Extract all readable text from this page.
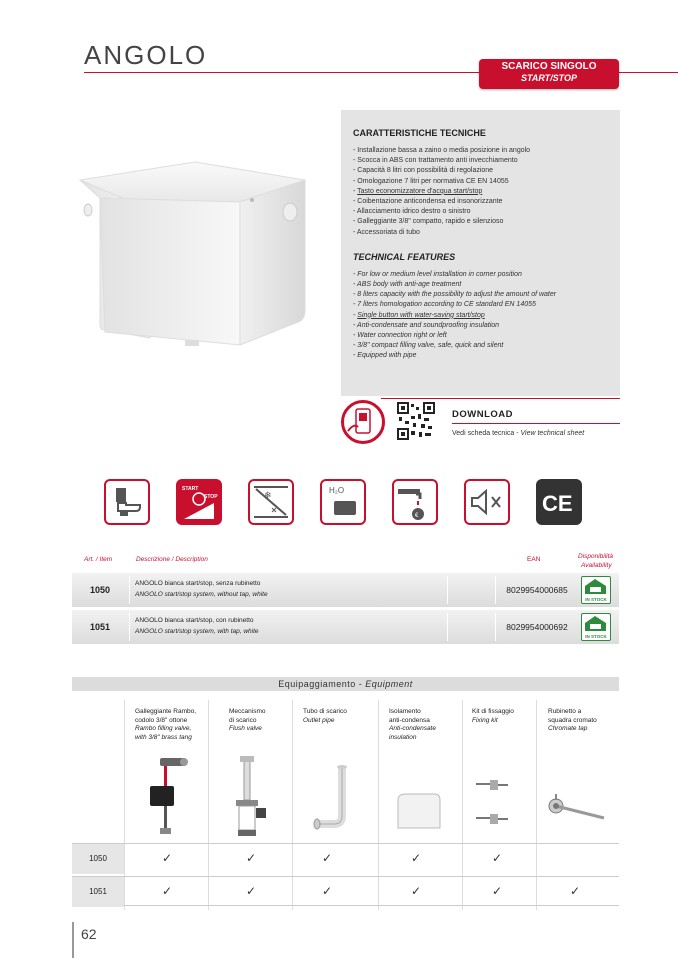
ANGOLO	SCARICO SINGOLO
START/STOP
CARATTERISTICHE TECNICHE
- Installazione bassa a zaino o media posizione in angolo
- Scocca in ABS con trattamento anti invecchiamento
- Capacità 8 litri con possibilità di regolazione
- Omologazione 7 litri per normativa CE EN 14055
- Tasto economizzatore d'acqua start/stop
- Coibentazione anticondensa ed insonorizzante
- Allacciamento idrico destro o sinistro
- Galleggiante 3/8" compatto, rapido e silenzioso
- Accessoriata di tubo
TECHNICAL FEATURES
- For low or medium level installation in corner position
- ABS body with anti-age treatment
- 8 liters capacity with the possibility to adjust the amount of water
- 7 liters homologation according to CE standard EN 14055
- Single button with water-saving start/stop
- Anti-condensate and soundproofing insulation
- Water connection right or left
- 3/8" compact filling valve, safe, quick and silent
- Equipped with pipe
DOWNLOAD
Vedi scheda tecnica - View technical sheet
START
STOP	❄
H₂O
€	CE
Art. / Item	Descrizione / Description	EAN	Disponibilità
Availability
1050
ANGOLO bianca start/stop, senza rubinetto
ANGOLO start/stop system, without tap, white	8029954000685
IN STOCK
1051
ANGOLO bianca start/stop, con rubinetto
ANGOLO start/stop system, with tap, white	8029954000692
IN STOCK
Equipaggiamento - Equipment
Galleggiante Rambo,
codolo 3/8" ottone
Rambo filling valve,
with 3/8" brass tang
Meccanismo
di scarico
Flush valve
Tubo di scarico
Outlet pipe
Isolamento
anti-condensa
Anti-condensate
insulation
Kit di fissaggio
Fixing kit
Rubinetto a
squadra cromato
Chromate tap
1050	✓	✓	✓	✓	✓
1051	✓	✓	✓	✓	✓	✓
62
